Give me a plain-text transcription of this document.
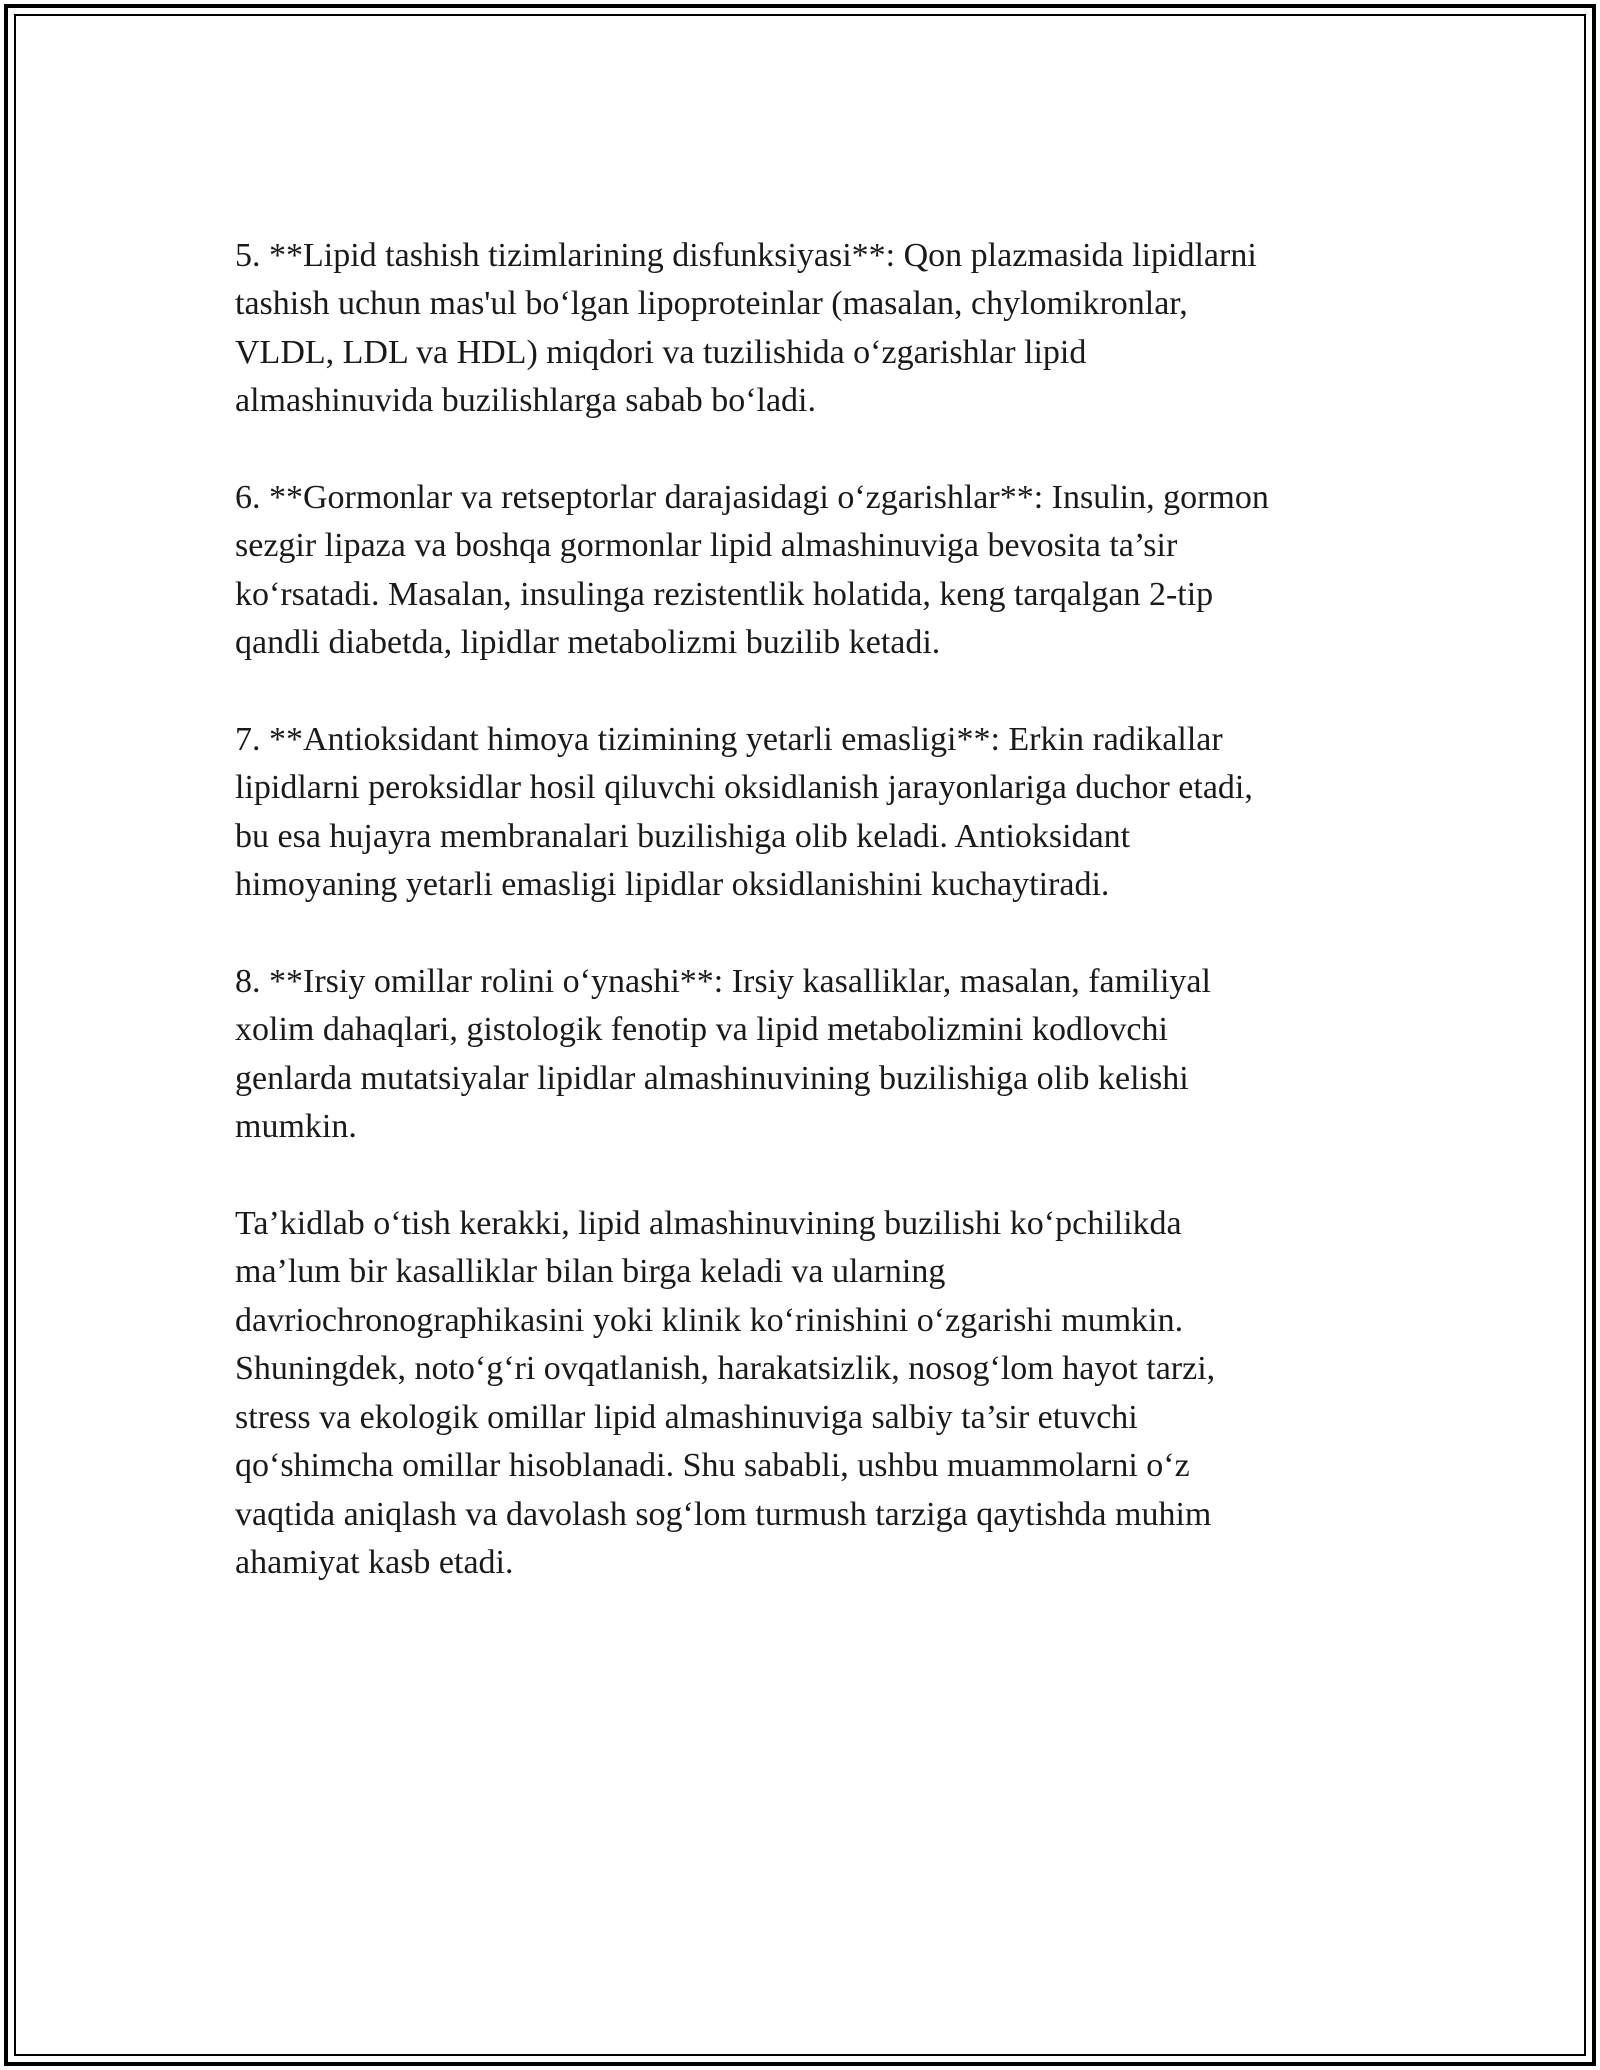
5. **Lipid tashish tizimlarining disfunksiyasi**: Qon plazmasida lipidlarni
tashish uchun mas'ul bo‘lgan lipoproteinlar (masalan, chylomikronlar,
VLDL, LDL va HDL) miqdori va tuzilishida o‘zgarishlar lipid
almashinuvida buzilishlarga sabab bo‘ladi.

6. **Gormonlar va retseptorlar darajasidagi o‘zgarishlar**: Insulin, gormon
sezgir lipaza va boshqa gormonlar lipid almashinuviga bevosita ta’sir
ko‘rsatadi. Masalan, insulinga rezistentlik holatida, keng tarqalgan 2-tip
qandli diabetda, lipidlar metabolizmi buzilib ketadi.

7. **Antioksidant himoya tizimining yetarli emasligi**: Erkin radikallar
lipidlarni peroksidlar hosil qiluvchi oksidlanish jarayonlariga duchor etadi,
bu esa hujayra membranalari buzilishiga olib keladi. Antioksidant
himoyaning yetarli emasligi lipidlar oksidlanishini kuchaytiradi.

8. **Irsiy omillar rolini o‘ynashi**: Irsiy kasalliklar, masalan, familiyal
xolim dahaqlari, gistologik fenotip va lipid metabolizmini kodlovchi
genlarda mutatsiyalar lipidlar almashinuvining buzilishiga olib kelishi
mumkin.

Ta’kidlab o‘tish kerakki, lipid almashinuvining buzilishi ko‘pchilikda
ma’lum bir kasalliklar bilan birga keladi va ularning
davriochronographikasini yoki klinik ko‘rinishini o‘zgarishi mumkin.
Shuningdek, noto‘g‘ri ovqatlanish, harakatsizlik, nosog‘lom hayot tarzi,
stress va ekologik omillar lipid almashinuviga salbiy ta’sir etuvchi
qo‘shimcha omillar hisoblanadi. Shu sababli, ushbu muammolarni o‘z
vaqtida aniqlash va davolash sog‘lom turmush tarziga qaytishda muhim
ahamiyat kasb etadi.
